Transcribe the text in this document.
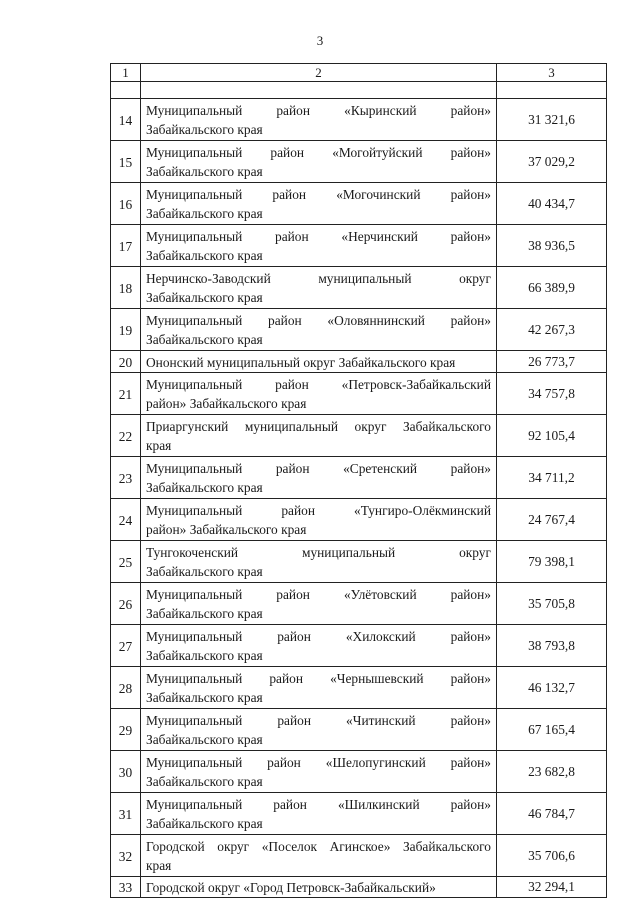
3
1	2	3

14	Муниципальный район «Кыринский район»
Забайкальского края	31 321,6
15	Муниципальный район «Могойтуйский район»
Забайкальского края	37 029,2
16	Муниципальный район «Могочинский район»
Забайкальского края	40 434,7
17	Муниципальный район «Нерчинский район»
Забайкальского края	38 936,5
18	Нерчинско-Заводский муниципальный округ
Забайкальского края	66 389,9
19	Муниципальный район «Оловяннинский район»
Забайкальского края	42 267,3
20	Ононский муниципальный округ Забайкальского края	26 773,7
21	Муниципальный район «Петровск-Забайкальский
район» Забайкальского края	34 757,8
22	Приаргунский муниципальный округ Забайкальского
края	92 105,4
23	Муниципальный район «Сретенский район»
Забайкальского края	34 711,2
24	Муниципальный район «Тунгиро-Олёкминский
район» Забайкальского края	24 767,4
25	Тунгокоченский муниципальный округ
Забайкальского края	79 398,1
26	Муниципальный район «Улётовский район»
Забайкальского края	35 705,8
27	Муниципальный район «Хилокский район»
Забайкальского края	38 793,8
28	Муниципальный район «Чернышевский район»
Забайкальского края	46 132,7
29	Муниципальный район «Читинский район»
Забайкальского края	67 165,4
30	Муниципальный район «Шелопугинский район»
Забайкальского края	23 682,8
31	Муниципальный район «Шилкинский район»
Забайкальского края	46 784,7
32	Городской округ «Поселок Агинское» Забайкальского
края	35 706,6
33	Городской округ «Город Петровск-Забайкальский»	32 294,1
